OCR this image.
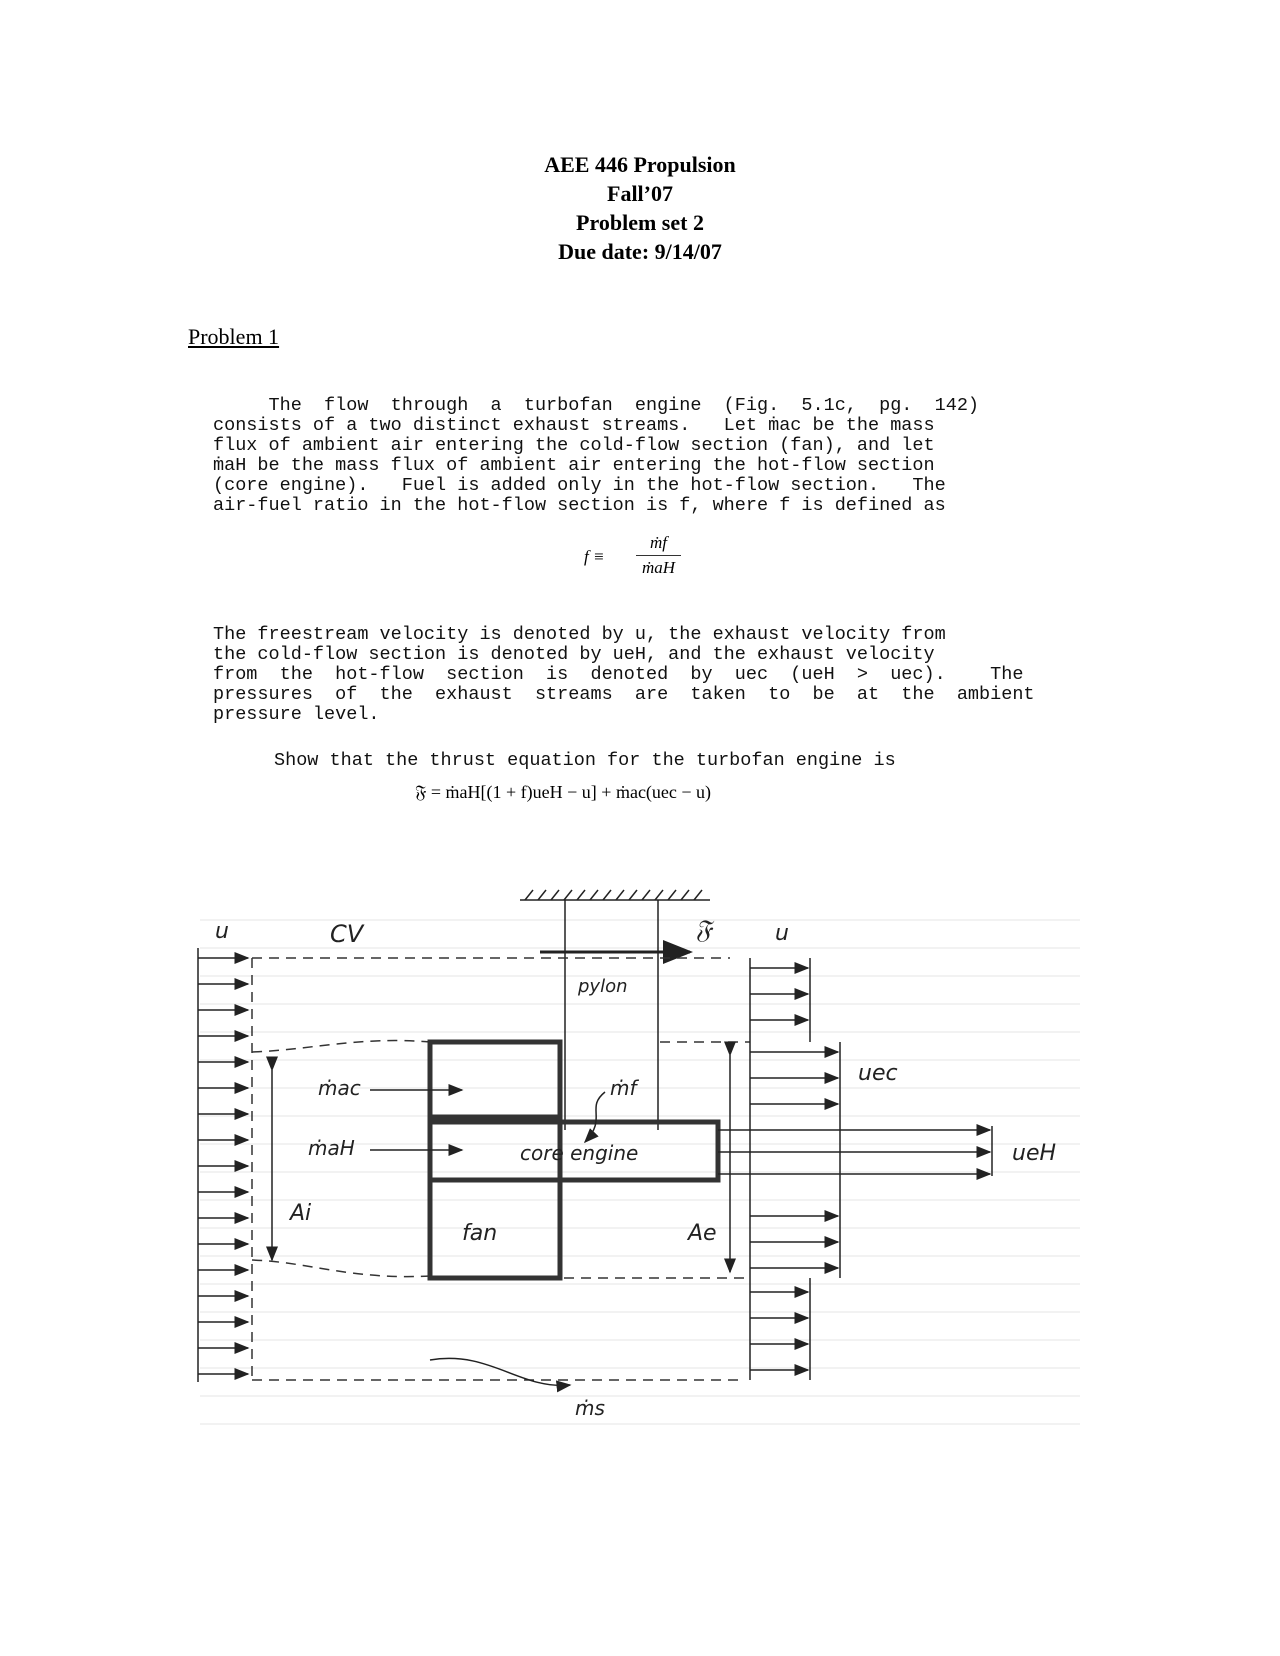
AEE 446 Propulsion
Fall’07
Problem set 2
Due date: 9/14/07
Problem 1
The  flow  through  a  turbofan  engine  (Fig.  5.1c,  pg.  142)
consists of a two distinct exhaust streams.   Let ṁac be the mass
flux of ambient air entering the cold-flow section (fan), and let
ṁaH be the mass flux of ambient air entering the hot-flow section
(core engine).   Fuel is added only in the hot-flow section.   The
air-fuel ratio in the hot-flow section is f, where f is defined as
f ≡
ṁf
ṁaH
The freestream velocity is denoted by u, the exhaust velocity from
the cold-flow section is denoted by ueH, and the exhaust velocity
from  the  hot-flow  section  is  denoted  by  uec  (ueH  >  uec).    The
pressures  of  the  exhaust  streams  are  taken  to  be  at  the  ambient
pressure level.
Show that the thrust equation for the turbofan engine is
𝔉 = ṁaH[(1 + f)ueH − u] + ṁac(uec − u)
u	CV	𝔉	u
pylon
ṁac	ṁf
uec
ṁaH	core engine	ueH
Ai
fan	Ae
ṁs
